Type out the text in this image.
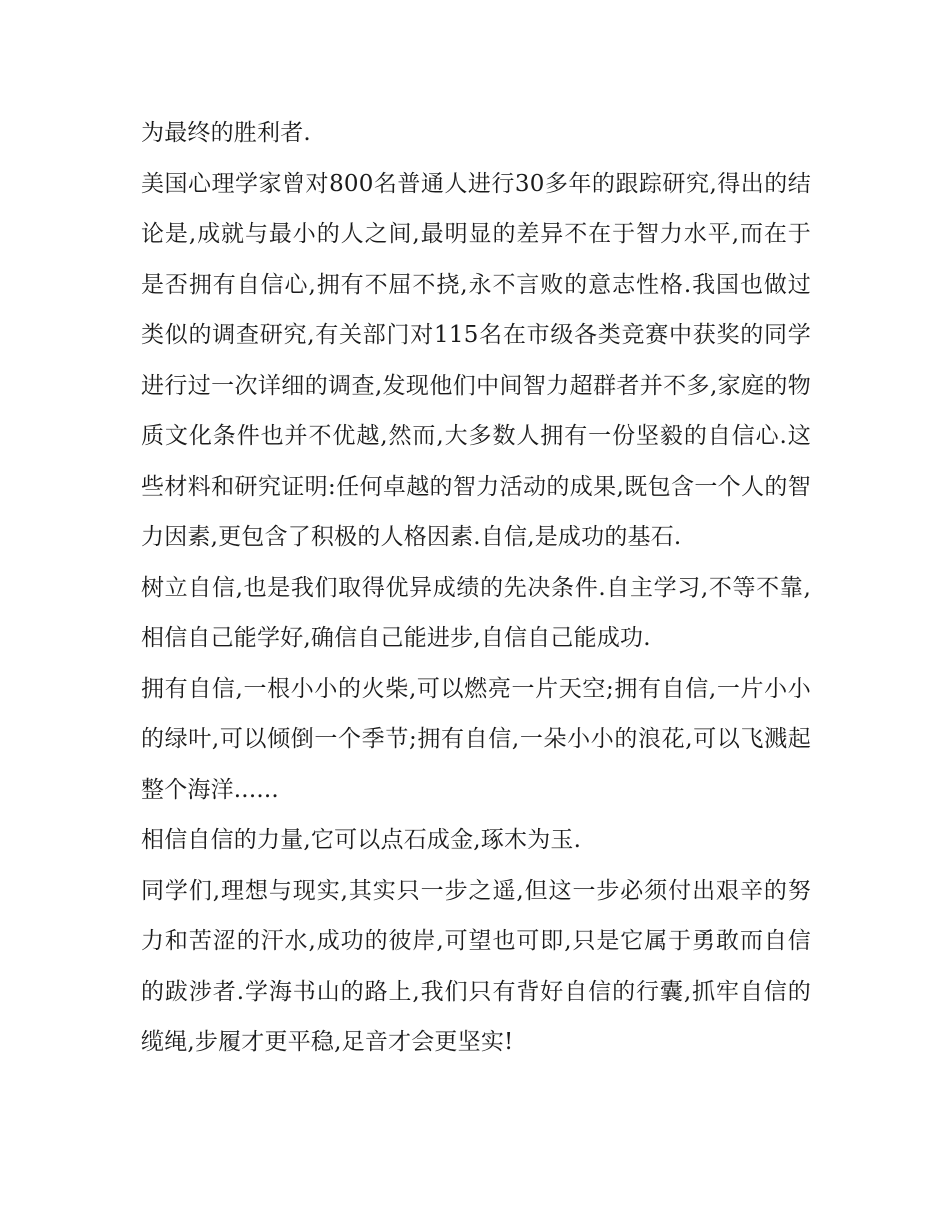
为最终的胜利者.

美国心理学家曾对800名普通人进行30多年的跟踪研究,得出的结论是,成就与最小的人之间,最明显的差异不在于智力水平,而在于是否拥有自信心,拥有不屈不挠,永不言败的意志性格.我国也做过类似的调查研究,有关部门对115名在市级各类竞赛中获奖的同学进行过一次详细的调查,发现他们中间智力超群者并不多,家庭的物质文化条件也并不优越,然而,大多数人拥有一份坚毅的自信心.这些材料和研究证明:任何卓越的智力活动的成果,既包含一个人的智力因素,更包含了积极的人格因素.自信,是成功的基石.

树立自信,也是我们取得优异成绩的先决条件.自主学习,不等不靠,相信自己能学好,确信自己能进步,自信自己能成功.

拥有自信,一根小小的火柴,可以燃亮一片天空;拥有自信,一片小小的绿叶,可以倾倒一个季节;拥有自信,一朵小小的浪花,可以飞溅起整个海洋......

相信自信的力量,它可以点石成金,琢木为玉.

同学们,理想与现实,其实只一步之遥,但这一步必须付出艰辛的努力和苦涩的汗水,成功的彼岸,可望也可即,只是它属于勇敢而自信的跋涉者.学海书山的路上,我们只有背好自信的行囊,抓牢自信的缆绳,步履才更平稳,足音才会更坚实!
